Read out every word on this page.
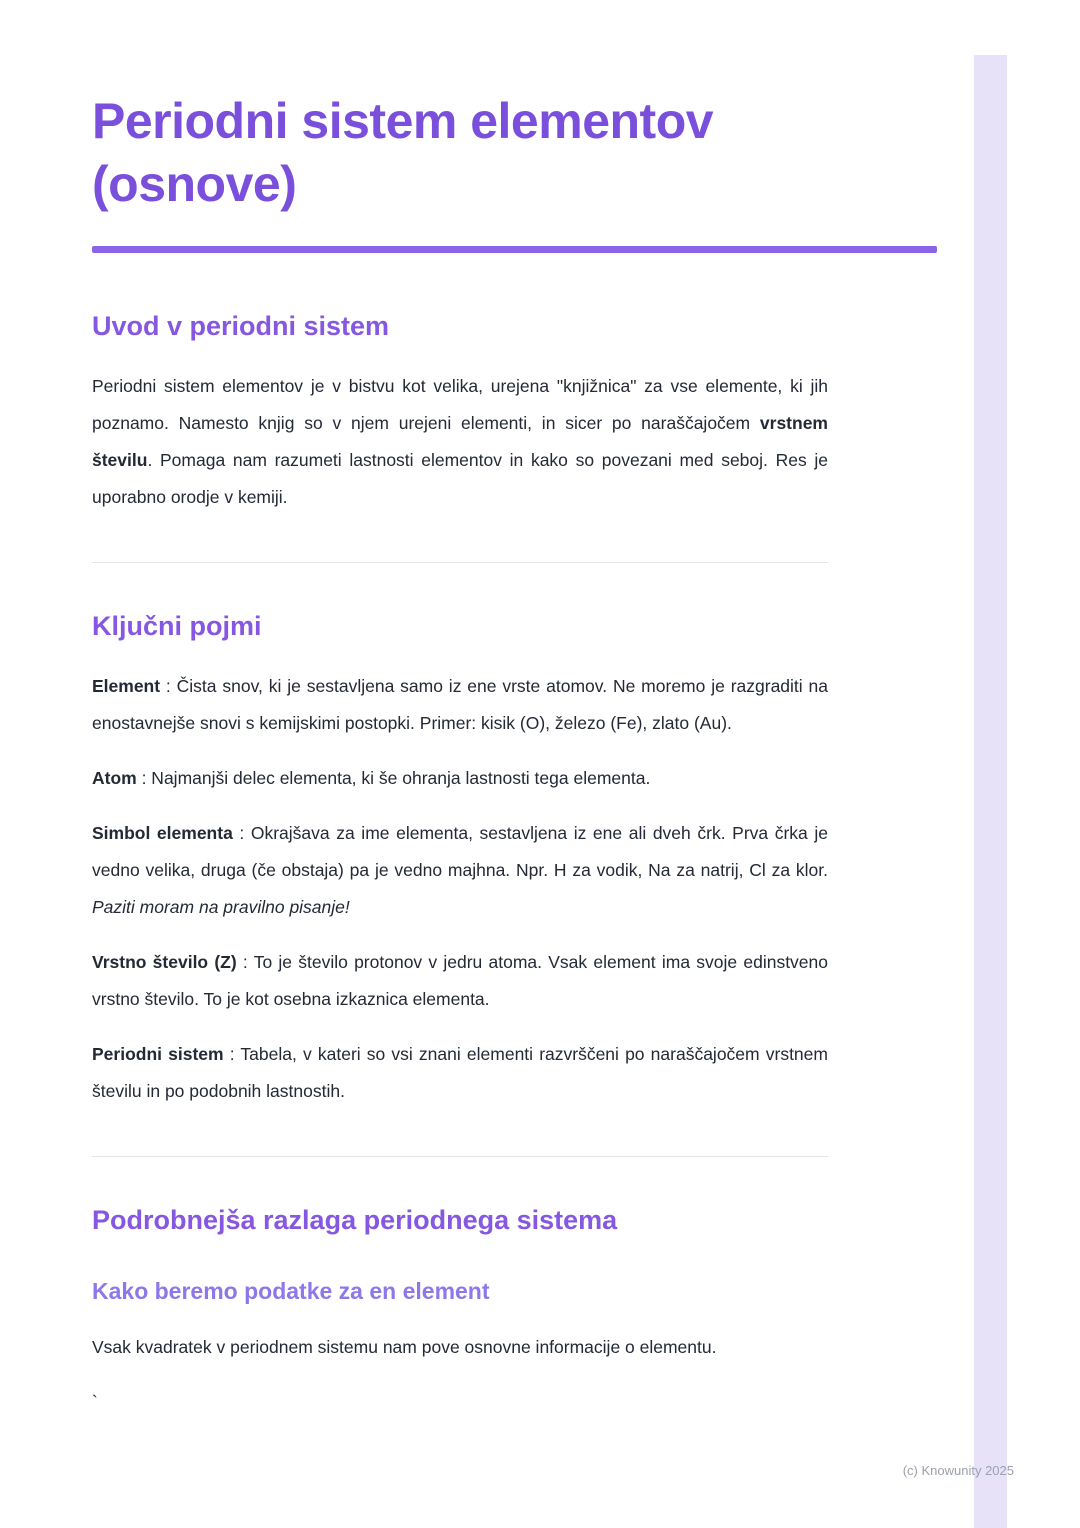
Periodni sistem elementov (osnove)
Uvod v periodni sistem

Periodni sistem elementov je v bistvu kot velika, urejena "knjižnica" za vse elemente, ki jih poznamo. Namesto knjig so v njem urejeni elementi, in sicer po naraščajočem vrstnem številu. Pomaga nam razumeti lastnosti elementov in kako so povezani med seboj. Res je uporabno orodje v kemiji.

Ključni pojmi

Element : Čista snov, ki je sestavljena samo iz ene vrste atomov. Ne moremo je razgraditi na enostavnejše snovi s kemijskimi postopki. Primer: kisik (O), železo (Fe), zlato (Au).

Atom : Najmanjši delec elementa, ki še ohranja lastnosti tega elementa.

Simbol elementa : Okrajšava za ime elementa, sestavljena iz ene ali dveh črk. Prva črka je vedno velika, druga (če obstaja) pa je vedno majhna. Npr. H za vodik, Na za natrij, Cl za klor. Paziti moram na pravilno pisanje!

Vrstno število (Z) : To je število protonov v jedru atoma. Vsak element ima svoje edinstveno vrstno število. To je kot osebna izkaznica elementa.

Periodni sistem : Tabela, v kateri so vsi znani elementi razvrščeni po naraščajočem vrstnem številu in po podobnih lastnostih.

Podrobnejša razlaga periodnega sistema
Kako beremo podatke za en element

Vsak kvadratek v periodnem sistemu nam pove osnovne informacije o elementu.

`
(c) Knowunity 2025
